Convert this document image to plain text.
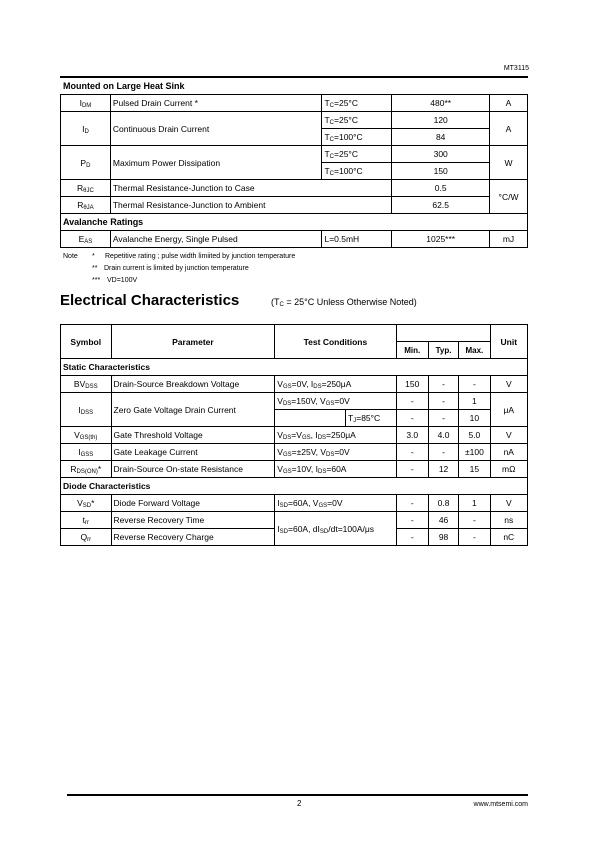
MT3115
Mounted on Large Heat Sink
$I_{DM}$	Pulsed Drain Current *	$T_C=25^\circ C$	480**	A
$I_D$	Continuous Drain Current	$T_C=25^\circ C$	120	A
		$T_C=100^\circ C$	84	
$P_D$	Maximum Power Dissipation	$T_C=25^\circ C$	300	W
		$T_C=100^\circ C$	150	
$R_{\theta JC}$	Thermal Resistance-Junction to Case		0.5	°C/W
$R_{\theta JA}$	Thermal Resistance-Junction to Ambient		62.5	
Avalanche Ratings				
$E_{AS}$	Avalanche Energy, Single Pulsed	L=0.5mH	1025***	mJ
Note * Repetitive rating ; pulse width limiited by junction temperature
** Drain current is limited by junction temperature
*** VD=100V
Electrical Characteristics	($T_C = 25^\circ C$ Unless Otherwise Noted)
Symbol	Parameter	Test Conditions					Unit
				Min.	Typ.	Max.	
Static Characteristics							
$BV_{DSS}$	Drain-Source Breakdown Voltage	$V_{GS}=0V$, $I_{DS}=250\mu A$		150	-	-	V
$I_{DSS}$	Zero Gate Voltage Drain Current	$V_{DS}=150V$, $V_{GS}=0V$		-	-	1	μA
			$T_J=85^\circ C$	-	-	10	
$V_{GS(th)}$	Gate Threshold Voltage	$V_{DS}=V_{GS}$, $I_{DS}=250\mu A$		3.0	4.0	5.0	V
$I_{GSS}$	Gate Leakage Current	$V_{GS}=\pm 25V$, $V_{DS}=0V$		-	-	±100	nA
$R_{DS(ON)}*$	Drain-Source On-state Resistance	$V_{GS}=10V$, $I_{DS}=60A$		-	12	15	mΩ
Diode Characteristics							
$V_{SD}*$	Diode Forward Voltage	$I_{SD}=60A$, $V_{GS}=0V$		-	0.8	1	V
$t_{rr}$	Reverse Recovery Time	$I_{SD}=60A$, $dI_{SD}/dt=100A/\mu s$		-	46	-	ns
$Q_{rr}$	Reverse Recovery Charge			-	98	-	nC
2	www.mtsemi.com
